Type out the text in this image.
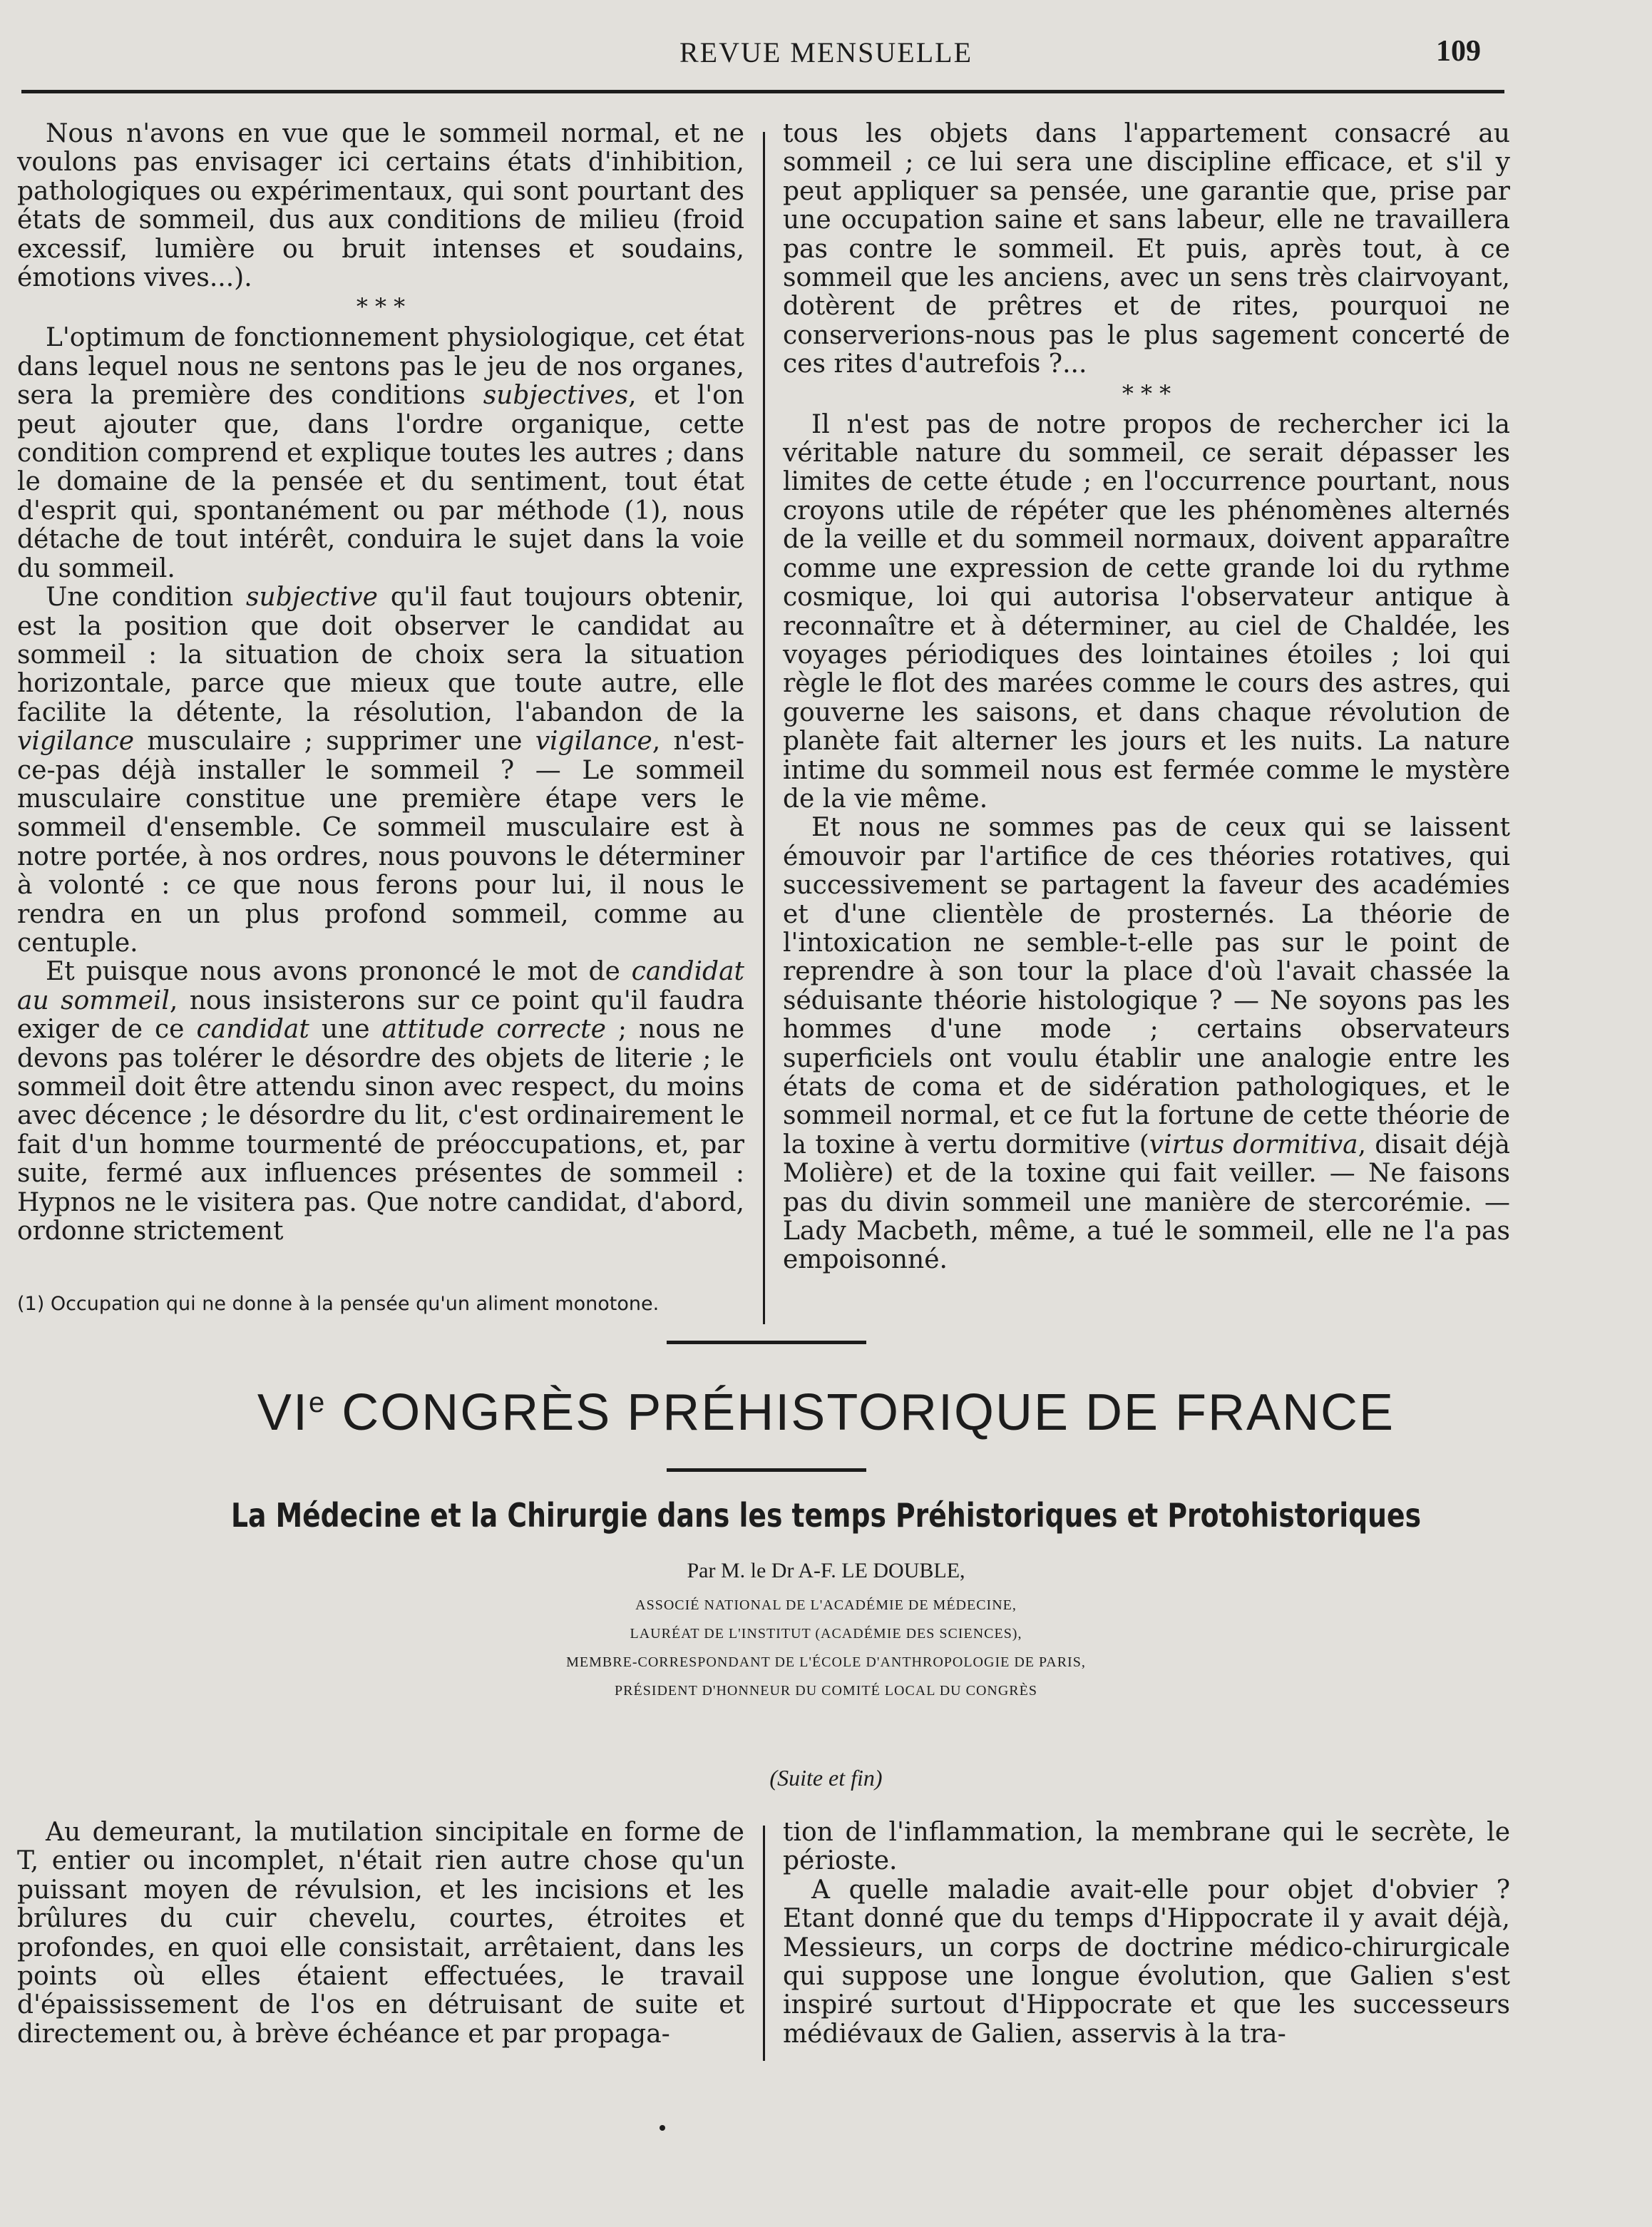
REVUE MENSUELLE	109

Nous n'avons en vue que le sommeil normal, et ne voulons pas envisager ici certains états d'inhibition, pathologiques ou expérimentaux, qui sont pourtant des états de sommeil, dus aux conditions de milieu (froid excessif, lumière ou bruit intenses et soudains, émotions vives...).

* * *

L'optimum de fonctionnement physiologique, cet état dans lequel nous ne sentons pas le jeu de nos organes, sera la première des conditions subjectives, et l'on peut ajouter que, dans l'ordre organique, cette condition comprend et explique toutes les autres ; dans le domaine de la pensée et du sentiment, tout état d'esprit qui, spontanément ou par méthode (1), nous détache de tout intérêt, conduira le sujet dans la voie du sommeil.

Une condition subjective qu'il faut toujours obtenir, est la position que doit observer le candidat au sommeil : la situation de choix sera la situation horizontale, parce que mieux que toute autre, elle facilite la détente, la résolution, l'abandon de la vigilance musculaire ; supprimer une vigilance, n'est-ce-pas déjà installer le sommeil ? — Le sommeil musculaire constitue une première étape vers le sommeil d'ensemble. Ce sommeil musculaire est à notre portée, à nos ordres, nous pouvons le déterminer à volonté : ce que nous ferons pour lui, il nous le rendra en un plus profond sommeil, comme au centuple.

Et puisque nous avons prononcé le mot de candidat au sommeil, nous insisterons sur ce point qu'il faudra exiger de ce candidat une attitude correcte ; nous ne devons pas tolérer le désordre des objets de literie ; le sommeil doit être attendu sinon avec respect, du moins avec décence ; le désordre du lit, c'est ordinairement le fait d'un homme tourmenté de préoccupations, et, par suite, fermé aux influences présentes de sommeil : Hypnos ne le visitera pas. Que notre candidat, d'abord, ordonne strictement

tous les objets dans l'appartement consacré au sommeil ; ce lui sera une discipline efficace, et s'il y peut appliquer sa pensée, une garantie que, prise par une occupation saine et sans labeur, elle ne travaillera pas contre le sommeil. Et puis, après tout, à ce sommeil que les anciens, avec un sens très clairvoyant, dotèrent de prêtres et de rites, pourquoi ne conserverions-nous pas le plus sagement concerté de ces rites d'autrefois ?...

* * *

Il n'est pas de notre propos de rechercher ici la véritable nature du sommeil, ce serait dépasser les limites de cette étude ; en l'occurrence pourtant, nous croyons utile de répéter que les phénomènes alternés de la veille et du sommeil normaux, doivent apparaître comme une expression de cette grande loi du rythme cosmique, loi qui autorisa l'observateur antique à reconnaître et à déterminer, au ciel de Chaldée, les voyages périodiques des lointaines étoiles ; loi qui règle le flot des marées comme le cours des astres, qui gouverne les saisons, et dans chaque révolution de planète fait alterner les jours et les nuits. La nature intime du sommeil nous est fermée comme le mystère de la vie même.

Et nous ne sommes pas de ceux qui se laissent émouvoir par l'artifice de ces théories rotatives, qui successivement se partagent la faveur des académies et d'une clientèle de prosternés. La théorie de l'intoxication ne semble-t-elle pas sur le point de reprendre à son tour la place d'où l'avait chassée la séduisante théorie histologique ? — Ne soyons pas les hommes d'une mode ; certains observateurs superficiels ont voulu établir une analogie entre les états de coma et de sidération pathologiques, et le sommeil normal, et ce fut la fortune de cette théorie de la toxine à vertu dormitive (virtus dormitiva, disait déjà Molière) et de la toxine qui fait veiller. — Ne faisons pas du divin sommeil une manière de stercorémie. — Lady Macbeth, même, a tué le sommeil, elle ne l'a pas empoisonné.

(1) Occupation qui ne donne à la pensée qu'un aliment monotone.
VIe CONGRÈS PRÉHISTORIQUE DE FRANCE
La Médecine et la Chirurgie dans les temps Préhistoriques et Protohistoriques
Par M. le Dr A-F. LE DOUBLE,
ASSOCIÉ NATIONAL DE L'ACADÉMIE DE MÉDECINE,
LAURÉAT DE L'INSTITUT (ACADÉMIE DES SCIENCES),
MEMBRE-CORRESPONDANT DE L'ÉCOLE D'ANTHROPOLOGIE DE PARIS,
PRÉSIDENT D'HONNEUR DU COMITÉ LOCAL DU CONGRÈS
(Suite et fin)

Au demeurant, la mutilation sincipitale en forme de T, entier ou incomplet, n'était rien autre chose qu'un puissant moyen de révulsion, et les incisions et les brûlures du cuir chevelu, courtes, étroites et profondes, en quoi elle consistait, arrêtaient, dans les points où elles étaient effectuées, le travail d'épaississement de l'os en détruisant de suite et directement ou, à brève échéance et par propaga-

tion de l'inflammation, la membrane qui le secrète, le périoste.

A quelle maladie avait-elle pour objet d'obvier ? Etant donné que du temps d'Hippocrate il y avait déjà, Messieurs, un corps de doctrine médico-chirurgicale qui suppose une longue évolution, que Galien s'est inspiré surtout d'Hippocrate et que les successeurs médiévaux de Galien, asservis à la tra-
